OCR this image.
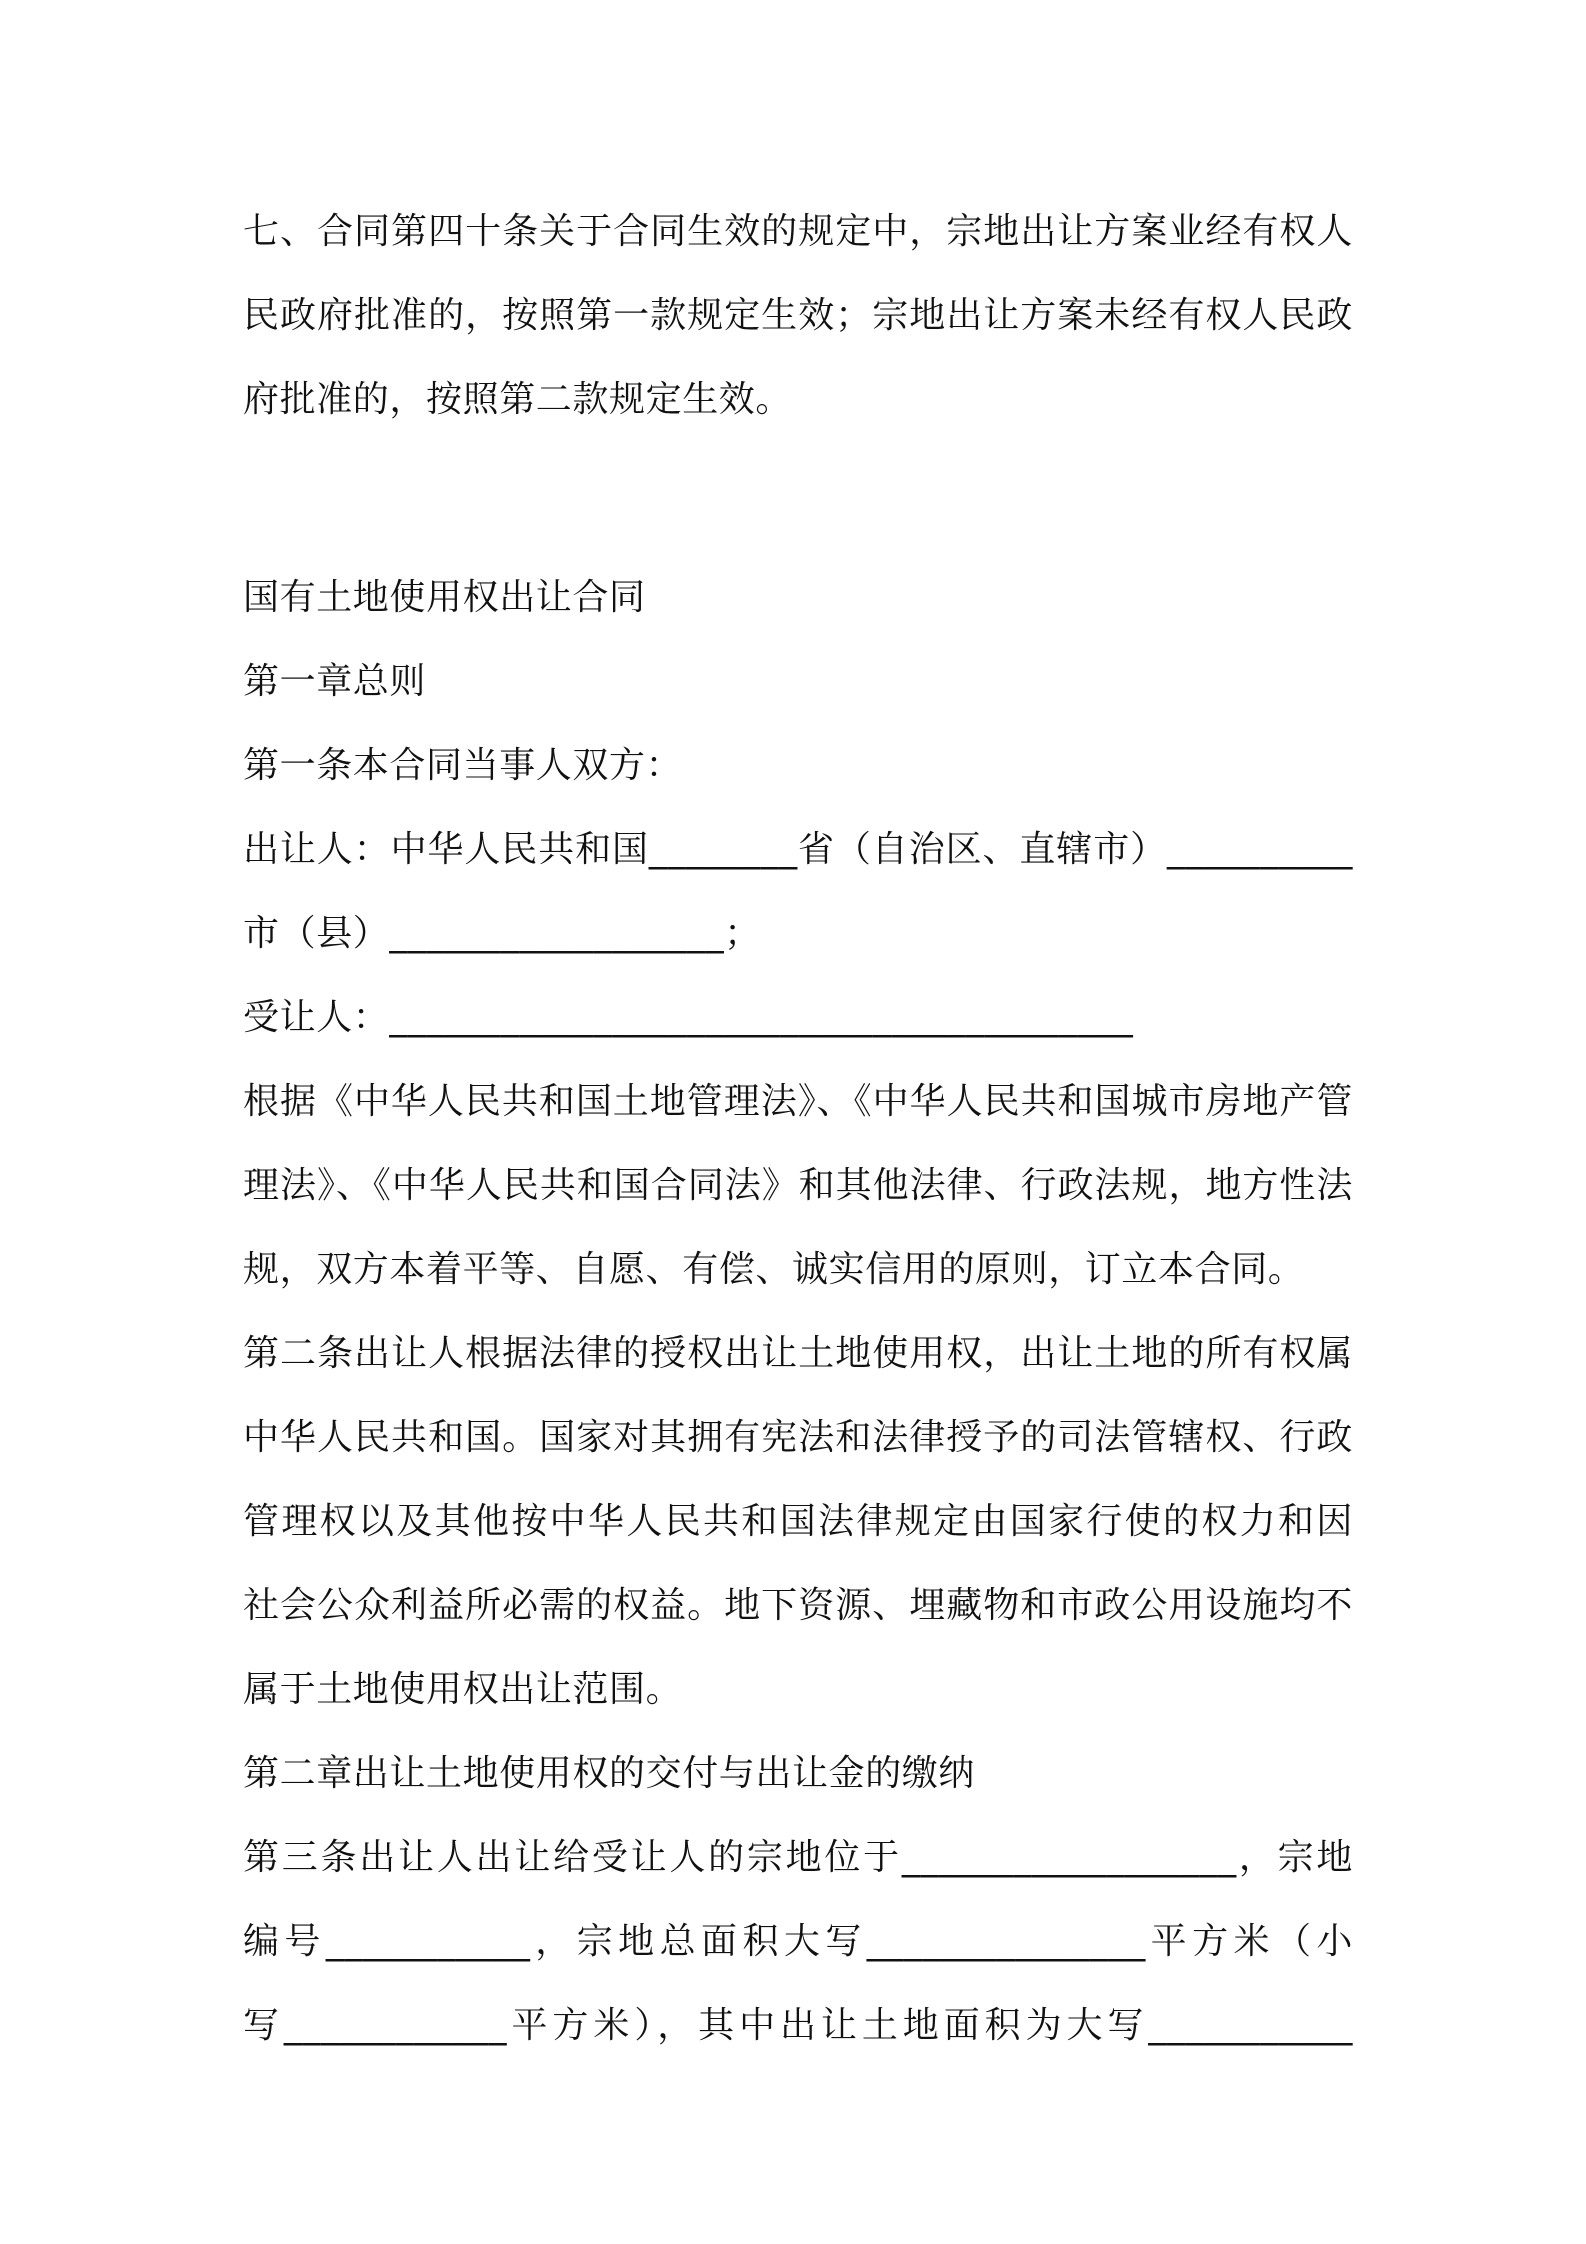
七、合同第四十条关于合同生效的规定中，宗地出让方案业经有权人
民政府批准的，按照第一款规定生效；宗地出让方案未经有权人民政
府批准的，按照第二款规定生效。
国有土地使用权出让合同
第一章总则
第一条本合同当事人双方：
出让人：中华人民共和国________省（自治区、直辖市）__________
市（县）__________________；
受让人：________________________________________
根据《中华人民共和国土地管理法》、《中华人民共和国城市房地产管
理法》、《中华人民共和国合同法》和其他法律、行政法规，地方性法
规，双方本着平等、自愿、有偿、诚实信用的原则，订立本合同。
第二条出让人根据法律的授权出让土地使用权，出让土地的所有权属
中华人民共和国。国家对其拥有宪法和法律授予的司法管辖权、行政
管理权以及其他按中华人民共和国法律规定由国家行使的权力和因
社会公众利益所必需的权益。地下资源、埋藏物和市政公用设施均不
属于土地使用权出让范围。
第二章出让土地使用权的交付与出让金的缴纳
第三条出让人出让给受让人的宗地位于__________________，宗地
编号___________，宗地总面积大写_______________平方米（小
写____________平方米），其中出让土地面积为大写___________
